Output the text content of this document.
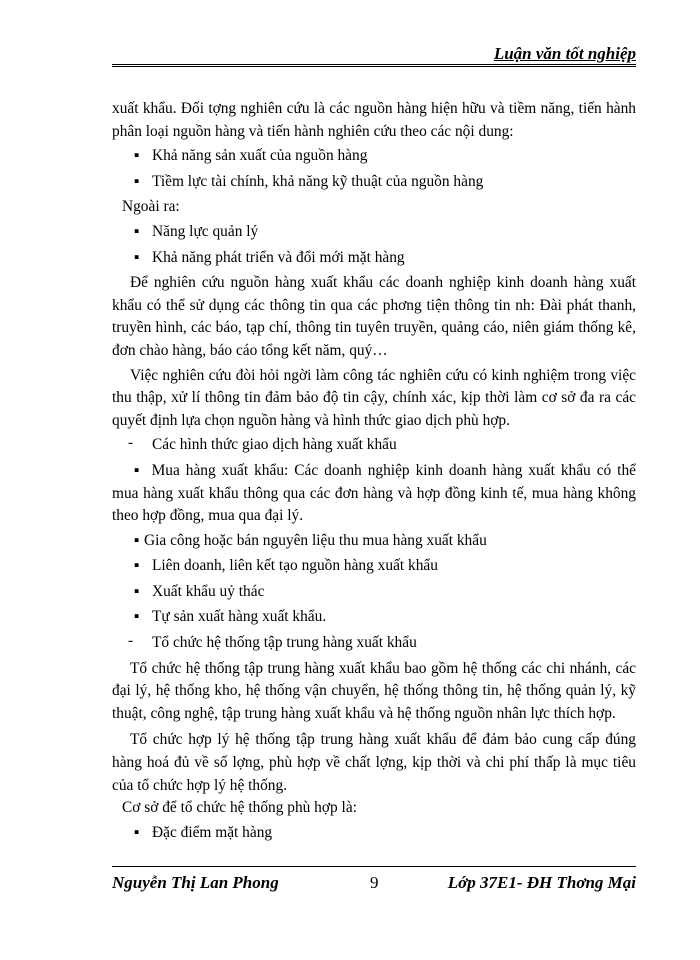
Luận văn tốt nghiệp

xuất khẩu. Đối tợng nghiên cứu là các nguồn hàng hiện hữu và tiềm năng, tiến hành phân loại nguồn hàng và tiến hành nghiên cứu theo các nội dung:

▪ Khả năng sản xuất của nguồn hàng
▪ Tiềm lực tài chính, khả năng kỹ thuật của nguồn hàng

Ngoài ra:

▪ Năng lực quản lý
▪ Khả năng phát triển và đổi mới mặt hàng

Để nghiên cứu nguồn hàng xuất khẩu các doanh nghiệp kinh doanh hàng xuất khẩu có thể sử dụng các thông tin qua các phơng tiện thông tin nh: Đài phát thanh, truyền hình, các báo, tạp chí, thông tin tuyên truyền, quảng cáo, niên giám thống kê, đơn chào hàng, báo cáo tổng kết năm, quý…

Việc nghiên cứu đòi hỏi ngời làm công tác nghiên cứu có kinh nghiệm trong việc thu thập, xử lí thông tin đảm bảo độ tin cậy, chính xác, kịp thời làm cơ sở đa ra các quyết định lựa chọn nguồn hàng và hình thức giao dịch phù hợp.

- Các hình thức giao dịch hàng xuất khẩu

▪ Mua hàng xuất khẩu: Các doanh nghiệp kinh doanh hàng xuất khẩu có thể mua hàng xuất khẩu thông qua các đơn hàng và hợp đồng kinh tế, mua hàng không theo hợp đồng, mua qua đại lý.

▪ Gia công hoặc bán nguyên liệu thu mua hàng xuất khẩu
▪ Liên doanh, liên kết tạo nguồn hàng xuất khẩu
▪ Xuất khẩu uỷ thác
▪ Tự sản xuất hàng xuất khẩu.
- Tổ chức hệ thống tập trung hàng xuất khẩu

Tổ chức hệ thống tập trung hàng xuất khẩu bao gồm hệ thống các chi nhánh, các đại lý, hệ thống kho, hệ thống vận chuyển, hệ thống thông tin, hệ thống quản lý, kỹ thuật, công nghệ, tập trung hàng xuất khẩu và hệ thống nguồn nhân lực thích hợp.

Tổ chức hợp lý hệ thống tập trung hàng xuất khẩu để đảm bảo cung cấp đúng hàng hoá đủ về số lợng, phù hợp về chất lợng, kịp thời và chi phí thấp là mục tiêu của tổ chức hợp lý hệ thống.

Cơ sở để tổ chức hệ thống phù hợp là:

▪ Đặc điểm mặt hàng
Nguyễn Thị Lan Phong	9	Lớp 37E1- ĐH Thơng Mại
